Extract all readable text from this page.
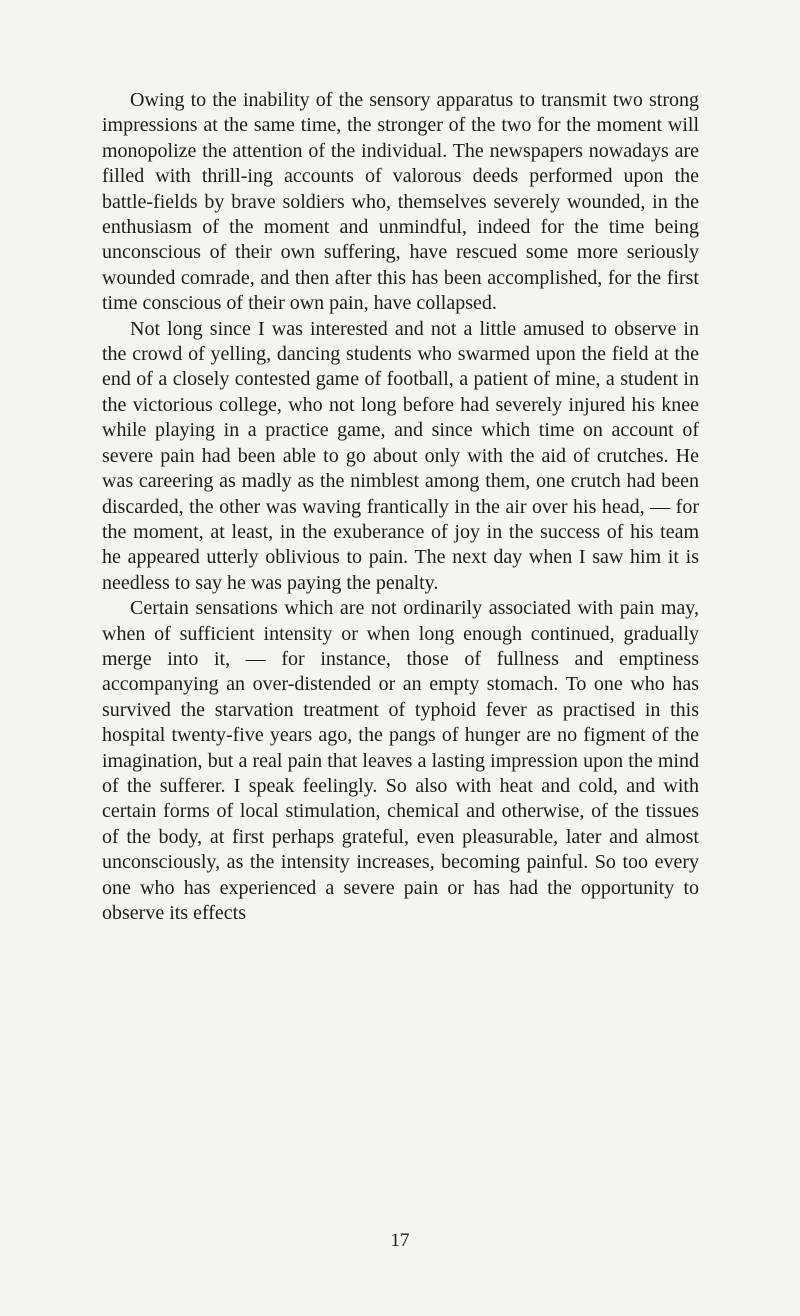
Owing to the inability of the sensory apparatus to transmit two strong impressions at the same time, the stronger of the two for the moment will monopolize the attention of the individual. The newspapers nowadays are filled with thrill-ing accounts of valorous deeds performed upon the battle-fields by brave soldiers who, themselves severely wounded, in the enthusiasm of the moment and unmindful, indeed for the time being unconscious of their own suffering, have rescued some more seriously wounded comrade, and then after this has been accomplished, for the first time conscious of their own pain, have collapsed.

Not long since I was interested and not a little amused to observe in the crowd of yelling, dancing students who swarmed upon the field at the end of a closely contested game of football, a patient of mine, a student in the victorious college, who not long before had severely injured his knee while playing in a practice game, and since which time on account of severe pain had been able to go about only with the aid of crutches. He was careering as madly as the nimblest among them, one crutch had been discarded, the other was waving frantically in the air over his head, — for the moment, at least, in the exuberance of joy in the success of his team he appeared utterly oblivious to pain. The next day when I saw him it is needless to say he was paying the penalty.

Certain sensations which are not ordinarily associated with pain may, when of sufficient intensity or when long enough continued, gradually merge into it, — for instance, those of fullness and emptiness accompanying an over-distended or an empty stomach. To one who has survived the starvation treatment of typhoid fever as practised in this hospital twenty-five years ago, the pangs of hunger are no figment of the imagination, but a real pain that leaves a lasting impression upon the mind of the sufferer. I speak feelingly. So also with heat and cold, and with certain forms of local stimulation, chemical and otherwise, of the tissues of the body, at first perhaps grateful, even pleasurable, later and almost unconsciously, as the intensity increases, becoming painful. So too every one who has experienced a severe pain or has had the opportunity to observe its effects

17
